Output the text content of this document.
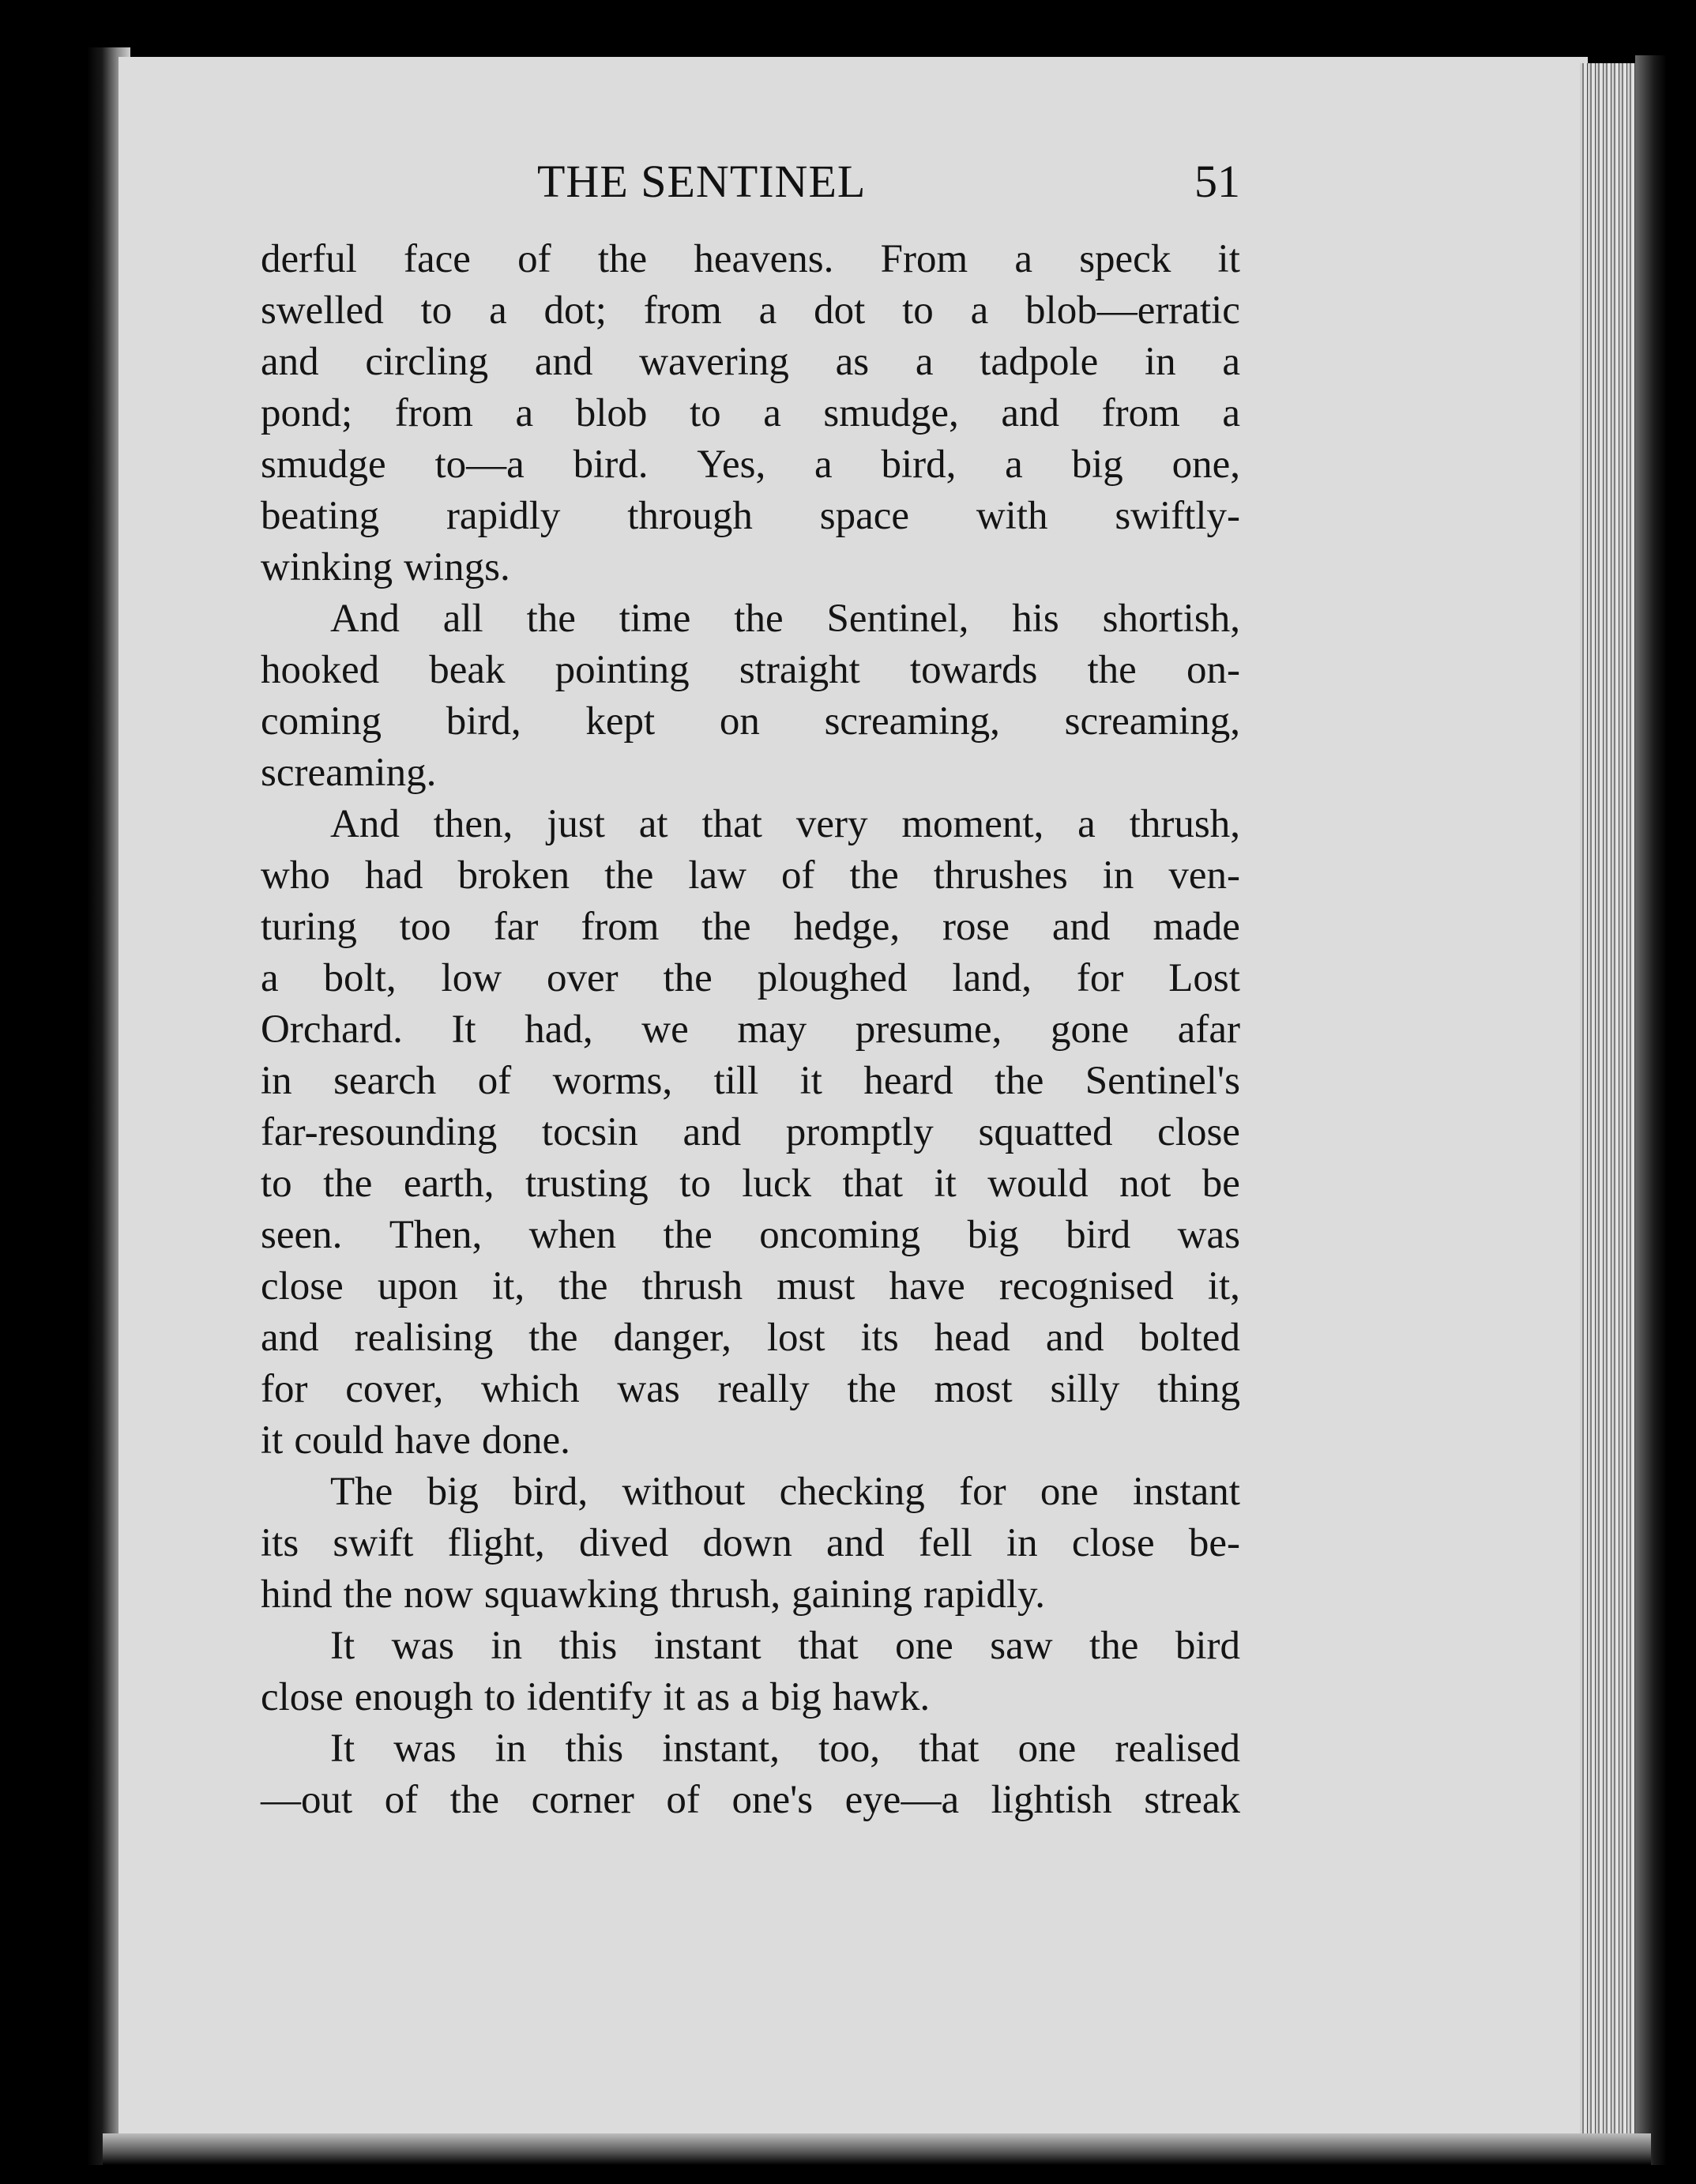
THE SENTINEL	51
derful face of the heavens. From a speck it
swelled to a dot; from a dot to a blob—erratic
and circling and wavering as a tadpole in a
pond; from a blob to a smudge, and from a
smudge to—a bird. Yes, a bird, a big one,
beating rapidly through space with swiftly-
winking wings.
And all the time the Sentinel, his shortish,
hooked beak pointing straight towards the on-
coming bird, kept on screaming, screaming,
screaming.
And then, just at that very moment, a thrush,
who had broken the law of the thrushes in ven-
turing too far from the hedge, rose and made
a bolt, low over the ploughed land, for Lost
Orchard. It had, we may presume, gone afar
in search of worms, till it heard the Sentinel's
far-resounding tocsin and promptly squatted close
to the earth, trusting to luck that it would not be
seen. Then, when the oncoming big bird was
close upon it, the thrush must have recognised it,
and realising the danger, lost its head and bolted
for cover, which was really the most silly thing
it could have done.
The big bird, without checking for one instant
its swift flight, dived down and fell in close be-
hind the now squawking thrush, gaining rapidly.
It was in this instant that one saw the bird
close enough to identify it as a big hawk.
It was in this instant, too, that one realised
—out of the corner of one's eye—a lightish streak
